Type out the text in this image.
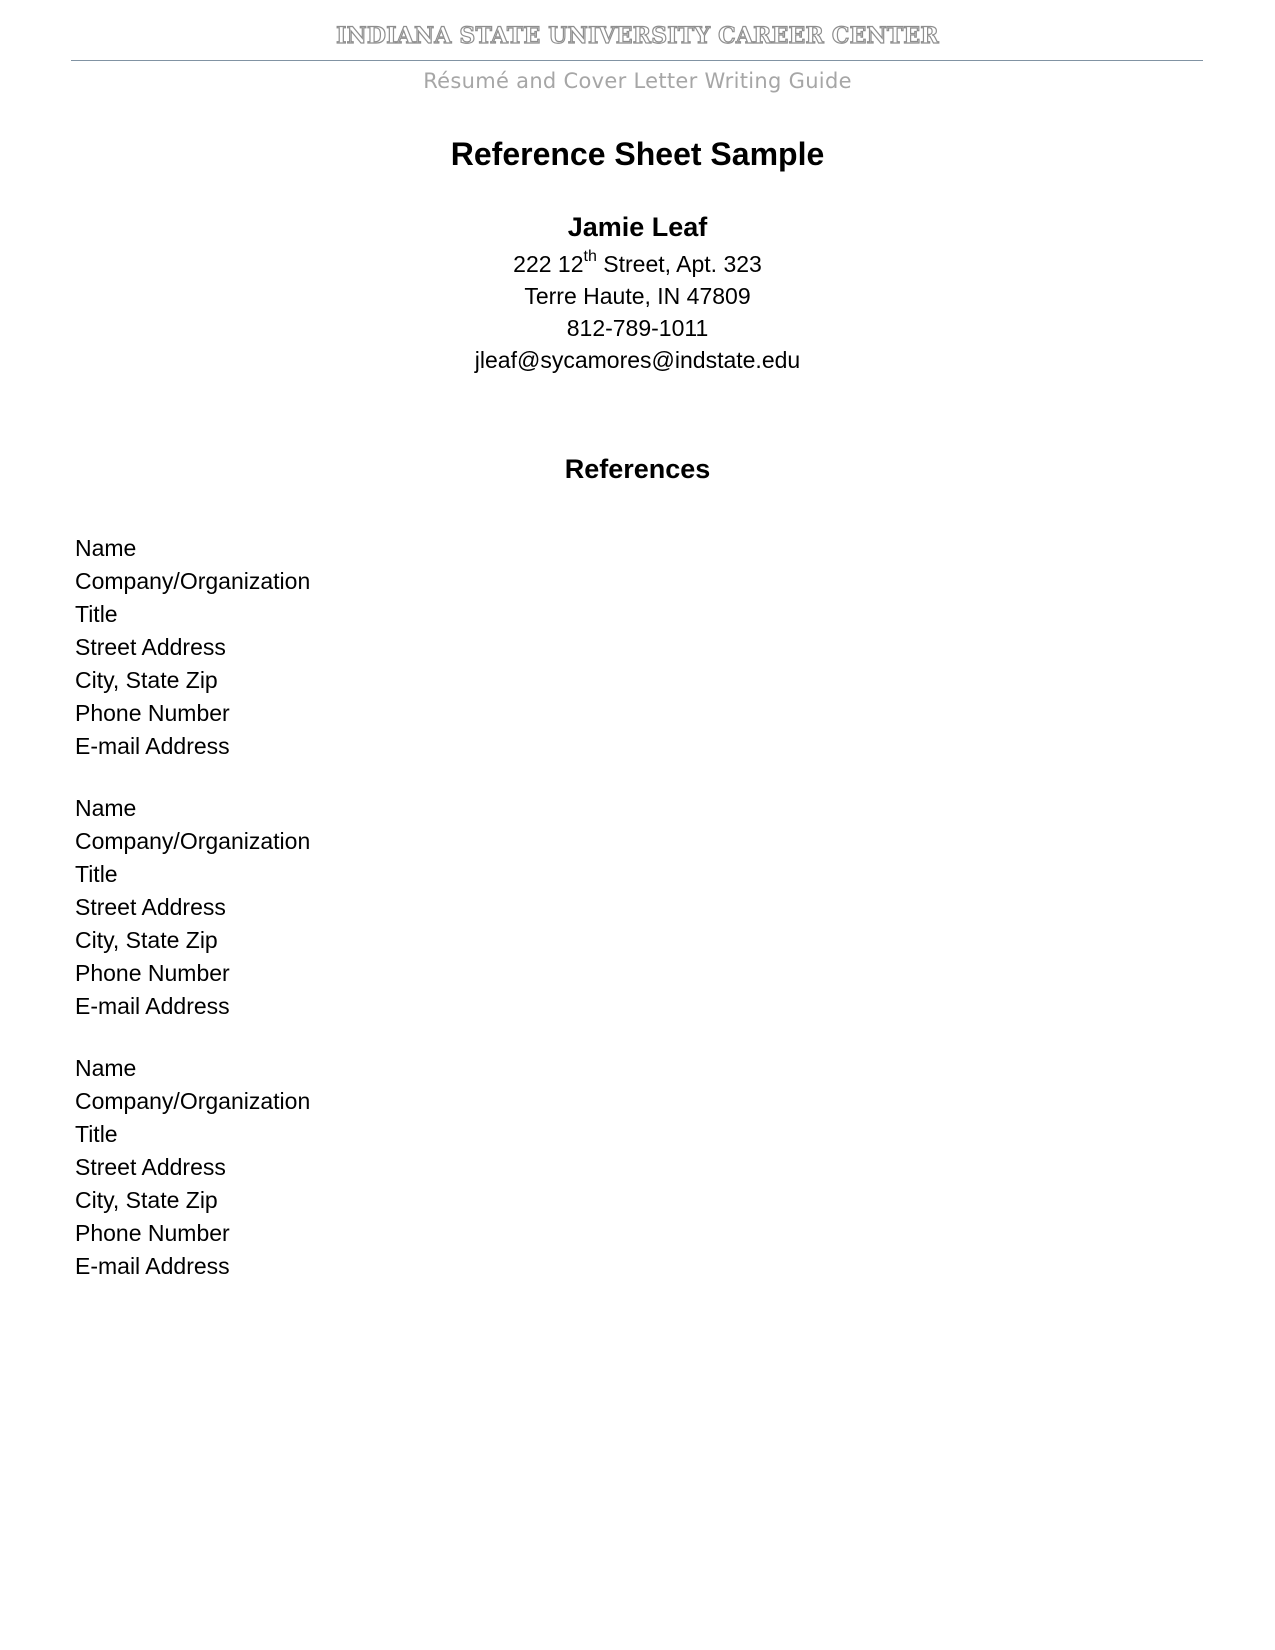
INDIANA STATE UNIVERSITY CAREER CENTER
Résumé and Cover Letter Writing Guide
Reference Sheet Sample

Jamie Leaf

222 12th Street, Apt. 323

Terre Haute, IN 47809

812-789-1011

jleaf@sycamores@indstate.edu

References

Name

Company/Organization

Title

Street Address

City, State Zip

Phone Number

E-mail Address

Name

Company/Organization

Title

Street Address

City, State Zip

Phone Number

E-mail Address

Name

Company/Organization

Title

Street Address

City, State Zip

Phone Number

E-mail Address
